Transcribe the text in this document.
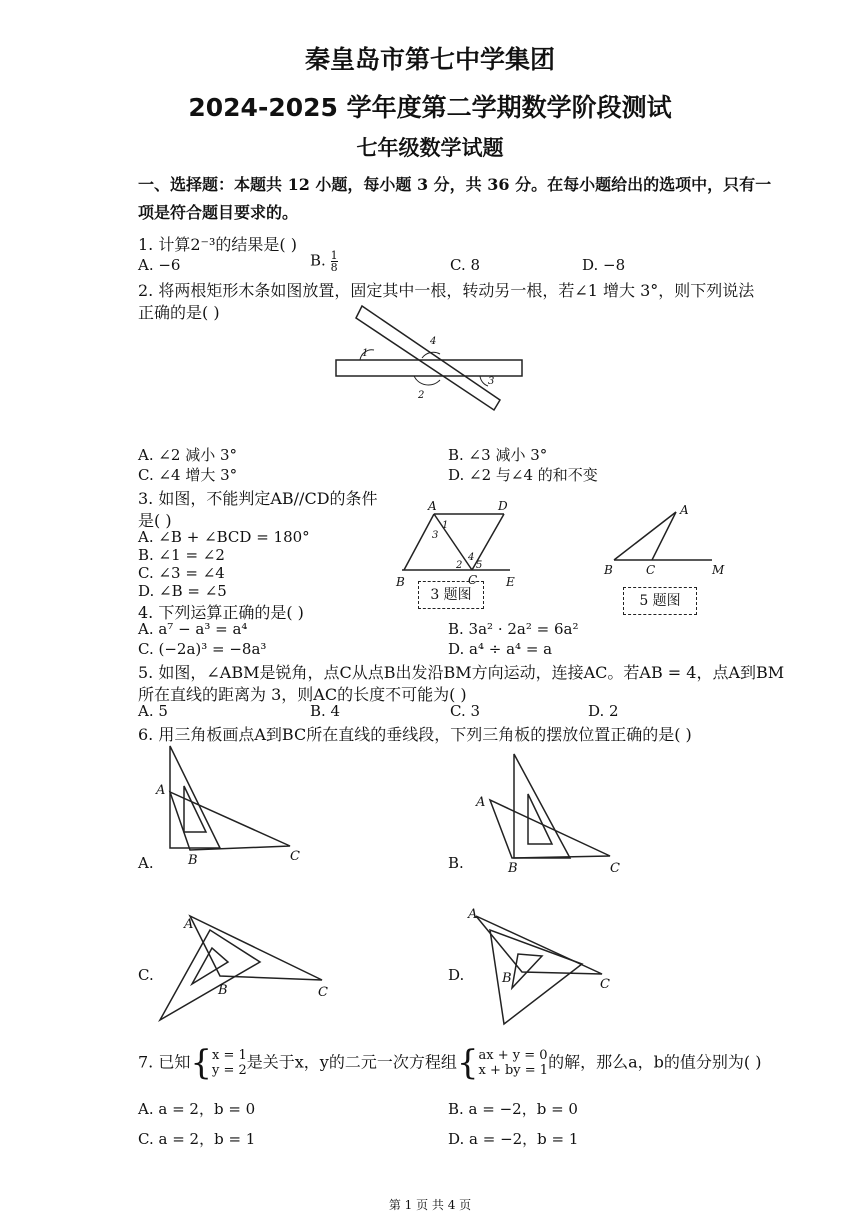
秦皇岛市第七中学集团
2024-2025 学年度第二学期数学阶段测试
七年级数学试题
一、选择题：本题共 12 小题，每小题 3 分，共 36 分。在每小题给出的选项中，只有一
项是符合题目要求的。
1. 计算2⁻³的结果是( )
A. −6	B. $\frac{1}{8}$	C. 8	D. −8
2. 将两根矩形木条如图放置，固定其中一根，转动另一根，若∠1 增大 3°，则下列说法
正确的是( )
1
4
3
2
A. ∠2 减小 3°	B. ∠3 减小 3°
C. ∠4 增大 3°	D. ∠2 与∠4 的和不变
3. 如图，不能判定AB//CD的条件
是( )
A. ∠B + ∠BCD = 180°
B. ∠1 = ∠2
C. ∠3 = ∠4
D. ∠B = ∠5
A	D
1
3
4
2 5
B	C E
3 题图
A
B	C	M
5 题图
4. 下列运算正确的是( )
A. a⁷ − a³ = a⁴	B. 3a² · 2a² = 6a²
C. (−2a)³ = −8a³	D. a⁴ ÷ a⁴ = a
5. 如图，∠ABM是锐角，点C从点B出发沿BM方向运动，连接AC。若AB = 4，点A到BM
所在直线的距离为 3，则AC的长度不可能为( )
A. 5	B. 4	C. 3	D. 2
6. 用三角板画点A到BC所在直线的垂线段，下列三角板的摆放位置正确的是( )
A.
A
B	C	B.
A
B	C
C.
A
B	C
D.
A
B	C
7. 已知{ x = 1
y = 2 是关于x，y的二元一次方程组{ ax + y = 0
x + by = 1 的解，那么a，b的值分别为( )
A. a = 2，b = 0	B. a = −2，b = 0
C. a = 2，b = 1	D. a = −2，b = 1
第 1 页 共 4 页
